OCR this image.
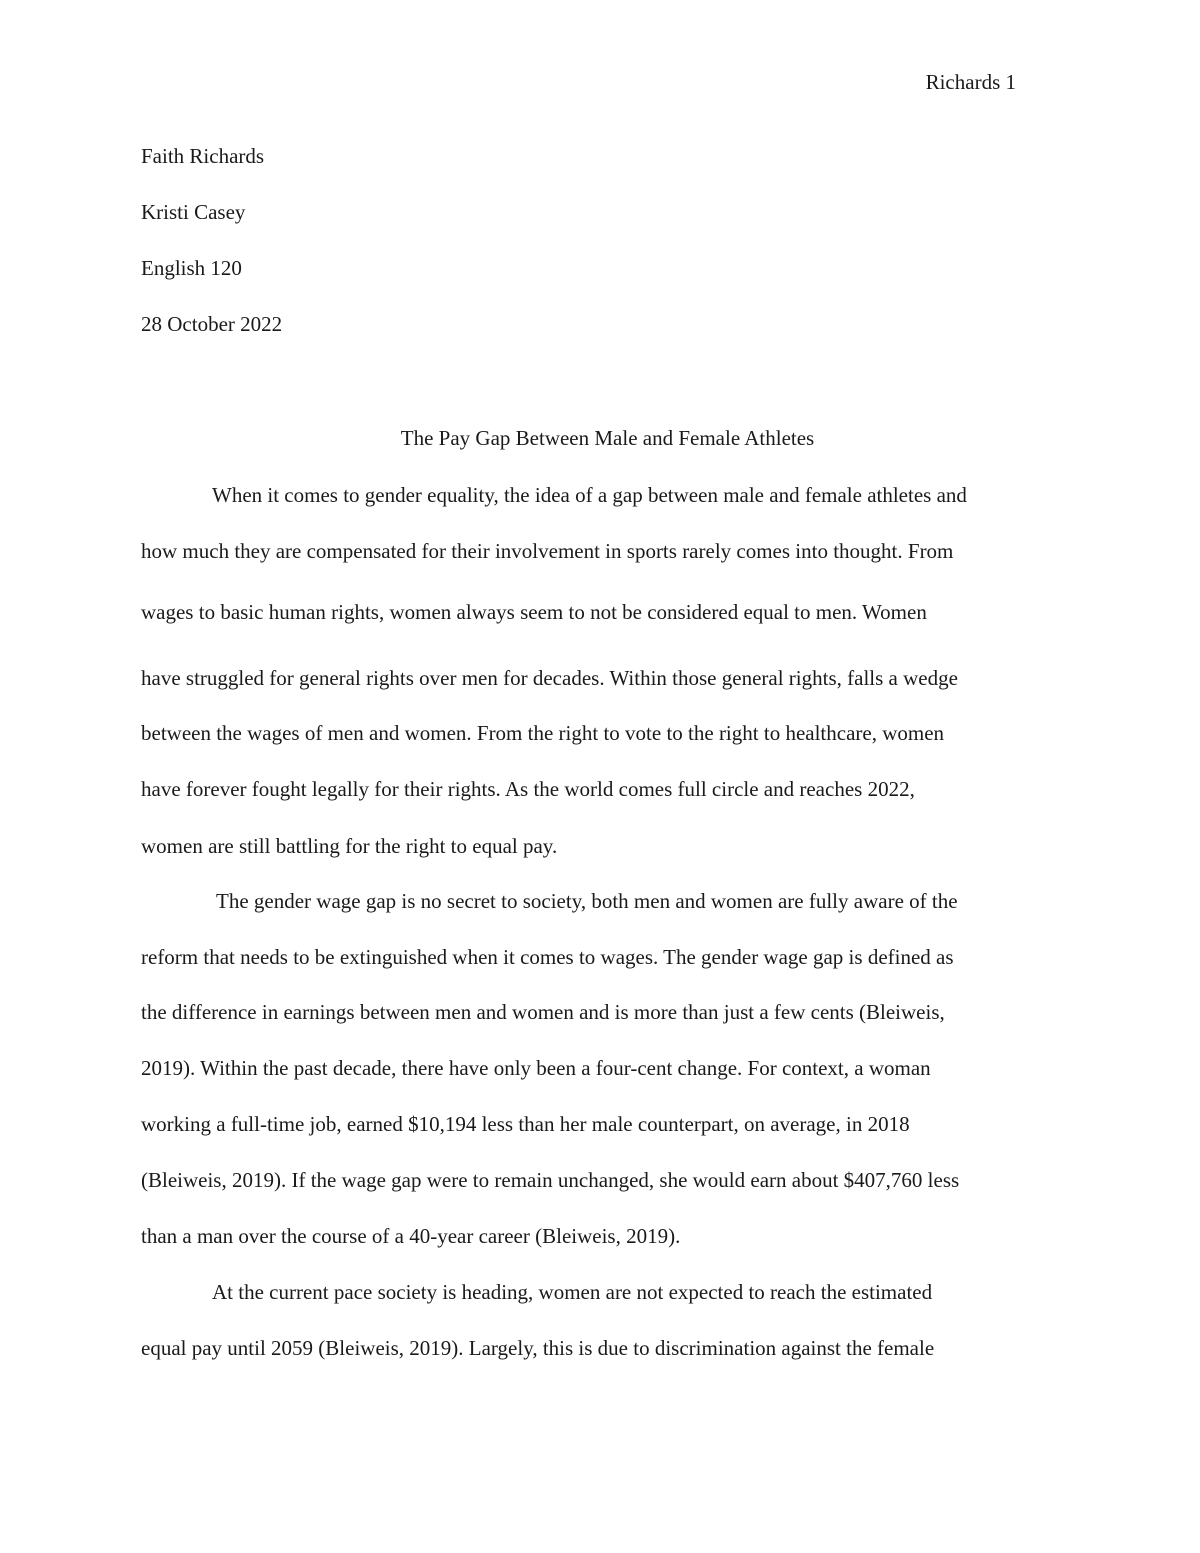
Richards 1
Faith Richards
Kristi Casey
English 120
28 October 2022
The Pay Gap Between Male and Female Athletes
When it comes to gender equality, the idea of a gap between male and female athletes and
how much they are compensated for their involvement in sports rarely comes into thought. From
wages to basic human rights, women always seem to not be considered equal to men. Women
have struggled for general rights over men for decades. Within those general rights, falls a wedge
between the wages of men and women. From the right to vote to the right to healthcare, women
have forever fought legally for their rights. As the world comes full circle and reaches 2022,
women are still battling for the right to equal pay.
The gender wage gap is no secret to society, both men and women are fully aware of the
reform that needs to be extinguished when it comes to wages. The gender wage gap is defined as
the difference in earnings between men and women and is more than just a few cents (Bleiweis,
2019). Within the past decade, there have only been a four-cent change. For context, a woman
working a full-time job, earned $10,194 less than her male counterpart, on average, in 2018
(Bleiweis, 2019). If the wage gap were to remain unchanged, she would earn about $407,760 less
than a man over the course of a 40-year career (Bleiweis, 2019).
At the current pace society is heading, women are not expected to reach the estimated
equal pay until 2059 (Bleiweis, 2019). Largely, this is due to discrimination against the female
